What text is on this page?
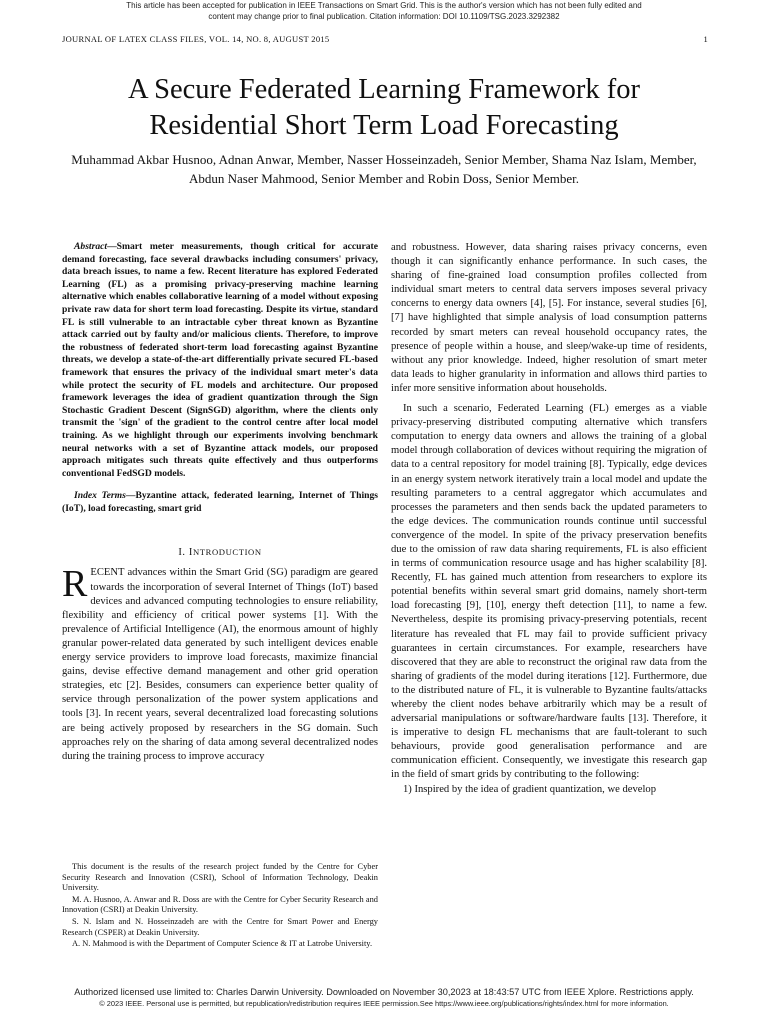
This article has been accepted for publication in IEEE Transactions on Smart Grid. This is the author's version which has not been fully edited and
content may change prior to final publication. Citation information: DOI 10.1109/TSG.2023.3292382
JOURNAL OF LATEX CLASS FILES, VOL. 14, NO. 8, AUGUST 2015	1
A Secure Federated Learning Framework for
Residential Short Term Load Forecasting
Muhammad Akbar Husnoo, Adnan Anwar, Member, Nasser Hosseinzadeh, Senior Member, Shama Naz Islam, Member, Abdun Naser Mahmood, Senior Member and Robin Doss, Senior Member.

Abstract—Smart meter measurements, though critical for accurate demand forecasting, face several drawbacks including consumers' privacy, data breach issues, to name a few. Recent literature has explored Federated Learning (FL) as a promising privacy-preserving machine learning alternative which enables collaborative learning of a model without exposing private raw data for short term load forecasting. Despite its virtue, standard FL is still vulnerable to an intractable cyber threat known as Byzantine attack carried out by faulty and/or malicious clients. Therefore, to improve the robustness of federated short-term load forecasting against Byzantine threats, we develop a state-of-the-art differentially private secured FL-based framework that ensures the privacy of the individual smart meter's data while protect the security of FL models and architecture. Our proposed framework leverages the idea of gradient quantization through the Sign Stochastic Gradient Descent (SignSGD) algorithm, where the clients only transmit the 'sign' of the gradient to the control centre after local model training. As we highlight through our experiments involving benchmark neural networks with a set of Byzantine attack models, our proposed approach mitigates such threats quite effectively and thus outperforms conventional FedSGD models.

Index Terms—Byzantine attack, federated learning, Internet of Things (IoT), load forecasting, smart grid

I. INTRODUCTION

RECENT advances within the Smart Grid (SG) paradigm are geared towards the incorporation of several Internet of Things (IoT) based devices and advanced computing technologies to ensure reliability, flexibility and efficiency of critical power systems [1]. With the prevalence of Artificial Intelligence (AI), the enormous amount of highly granular power-related data generated by such intelligent devices enable energy service providers to improve load forecasts, maximize financial gains, devise effective demand management and other grid operation strategies, etc [2]. Besides, consumers can experience better quality of service through personalization of the power system applications and tools [3]. In recent years, several decentralized load forecasting solutions are being actively proposed by researchers in the SG domain. Such approaches rely on the sharing of data among several decentralized nodes during the training process to improve accuracy

This document is the results of the research project funded by the Centre for Cyber Security Research and Innovation (CSRI), School of Information Technology, Deakin University.

M. A. Husnoo, A. Anwar and R. Doss are with the Centre for Cyber Security Research and Innovation (CSRI) at Deakin University.

S. N. Islam and N. Hosseinzadeh are with the Centre for Smart Power and Energy Research (CSPER) at Deakin University.

A. N. Mahmood is with the Department of Computer Science & IT at Latrobe University.

and robustness. However, data sharing raises privacy concerns, even though it can significantly enhance performance. In such cases, the sharing of fine-grained load consumption profiles collected from individual smart meters to central data servers imposes several privacy concerns to energy data owners [4], [5]. For instance, several studies [6], [7] have highlighted that simple analysis of load consumption patterns recorded by smart meters can reveal household occupancy rates, the presence of people within a house, and sleep/wake-up time of residents, without any prior knowledge. Indeed, higher resolution of smart meter data leads to higher granularity in information and allows third parties to infer more sensitive information about households.

In such a scenario, Federated Learning (FL) emerges as a viable privacy-preserving distributed computing alternative which transfers computation to energy data owners and allows the training of a global model through collaboration of devices without requiring the migration of data to a central repository for model training [8]. Typically, edge devices in an energy system network iteratively train a local model and update the resulting parameters to a central aggregator which accumulates and processes the parameters and then sends back the updated parameters to the edge devices. The communication rounds continue until successful convergence of the model. In spite of the privacy preservation benefits due to the omission of raw data sharing requirements, FL is also efficient in terms of communication resource usage and has higher scalability [8]. Recently, FL has gained much attention from researchers to explore its potential benefits within several smart grid domains, namely short-term load forecasting [9], [10], energy theft detection [11], to name a few. Nevertheless, despite its promising privacy-preserving potentials, recent literature has revealed that FL may fail to provide sufficient privacy guarantees in certain circumstances. For example, researchers have discovered that they are able to reconstruct the original raw data from the sharing of gradients of the model during iterations [12]. Furthermore, due to the distributed nature of FL, it is vulnerable to Byzantine faults/attacks whereby the client nodes behave arbitrarily which may be a result of adversarial manipulations or software/hardware faults [13]. Therefore, it is imperative to design FL mechanisms that are fault-tolerant to such behaviours, provide good generalisation performance and are communication efficient. Consequently, we investigate this research gap in the field of smart grids by contributing to the following:

1) Inspired by the idea of gradient quantization, we develop

Authorized licensed use limited to: Charles Darwin University. Downloaded on November 30,2023 at 18:43:57 UTC from IEEE Xplore. Restrictions apply.
© 2023 IEEE. Personal use is permitted, but republication/redistribution requires IEEE permission.See https://www.ieee.org/publications/rights/index.html for more information.
